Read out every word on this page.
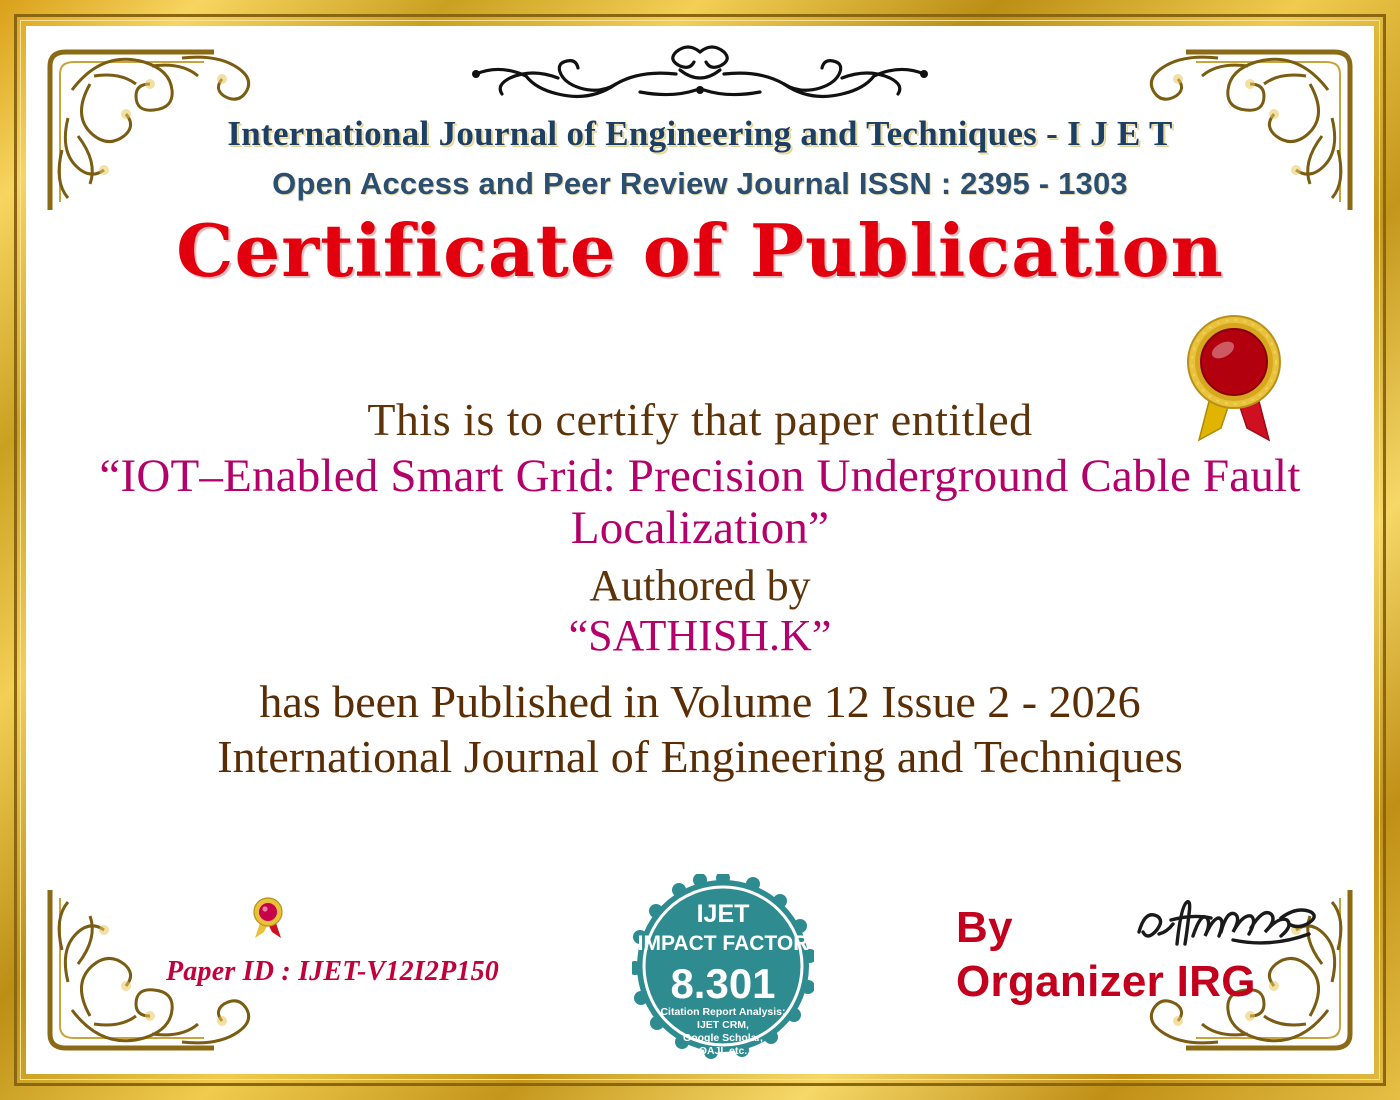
International Journal of Engineering and Techniques - I J E T
Open Access and Peer Review Journal ISSN : 2395 - 1303
Certificate of Publication
This is to certify that paper entitled
“IOT–Enabled Smart Grid: Precision Underground Cable Fault Localization”
Authored by
“SATHISH.K”
has been Published in Volume 12 Issue 2 - 2026
International Journal of Engineering and Techniques
Paper ID : IJET-V12I2P150
IJET
IMPACT FACTOR
8.301
Citation Report Analysis:
IJET CRM,
Google Scholar,
OAJI, etc.
By
Organizer IRG
